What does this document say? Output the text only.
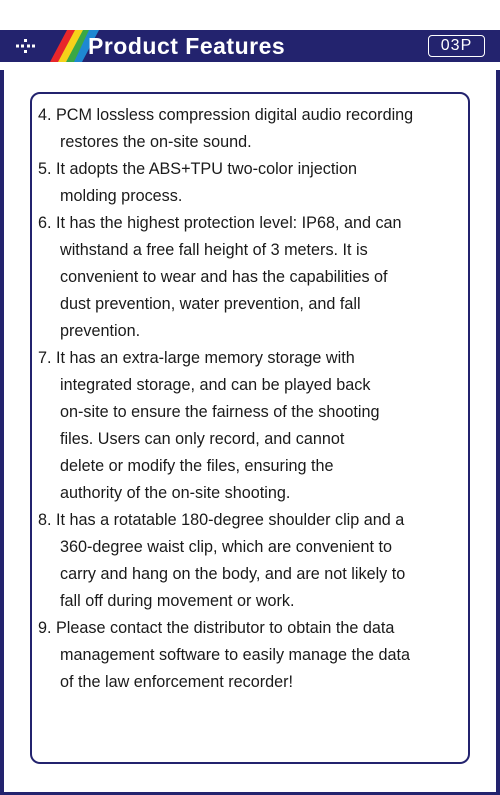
Product Features	03P
4. PCM lossless compression digital audio recording
restores the on-site sound.
5. It adopts the ABS+TPU two-color injection
molding process.
6. It has the highest protection level: IP68, and can
withstand a free fall height of 3 meters. It is
convenient to wear and has the capabilities of
dust prevention, water prevention, and fall
prevention.
7. It has an extra-large memory storage with
integrated storage, and can be played back
on-site to ensure the fairness of the shooting
files. Users can only record, and cannot
delete or modify the files, ensuring the
authority of the on-site shooting.
8. It has a rotatable 180-degree shoulder clip and a
360-degree waist clip, which are convenient to
carry and hang on the body, and are not likely to
fall off during movement or work.
9. Please contact the distributor to obtain the data
management software to easily manage the data
of the law enforcement recorder!
